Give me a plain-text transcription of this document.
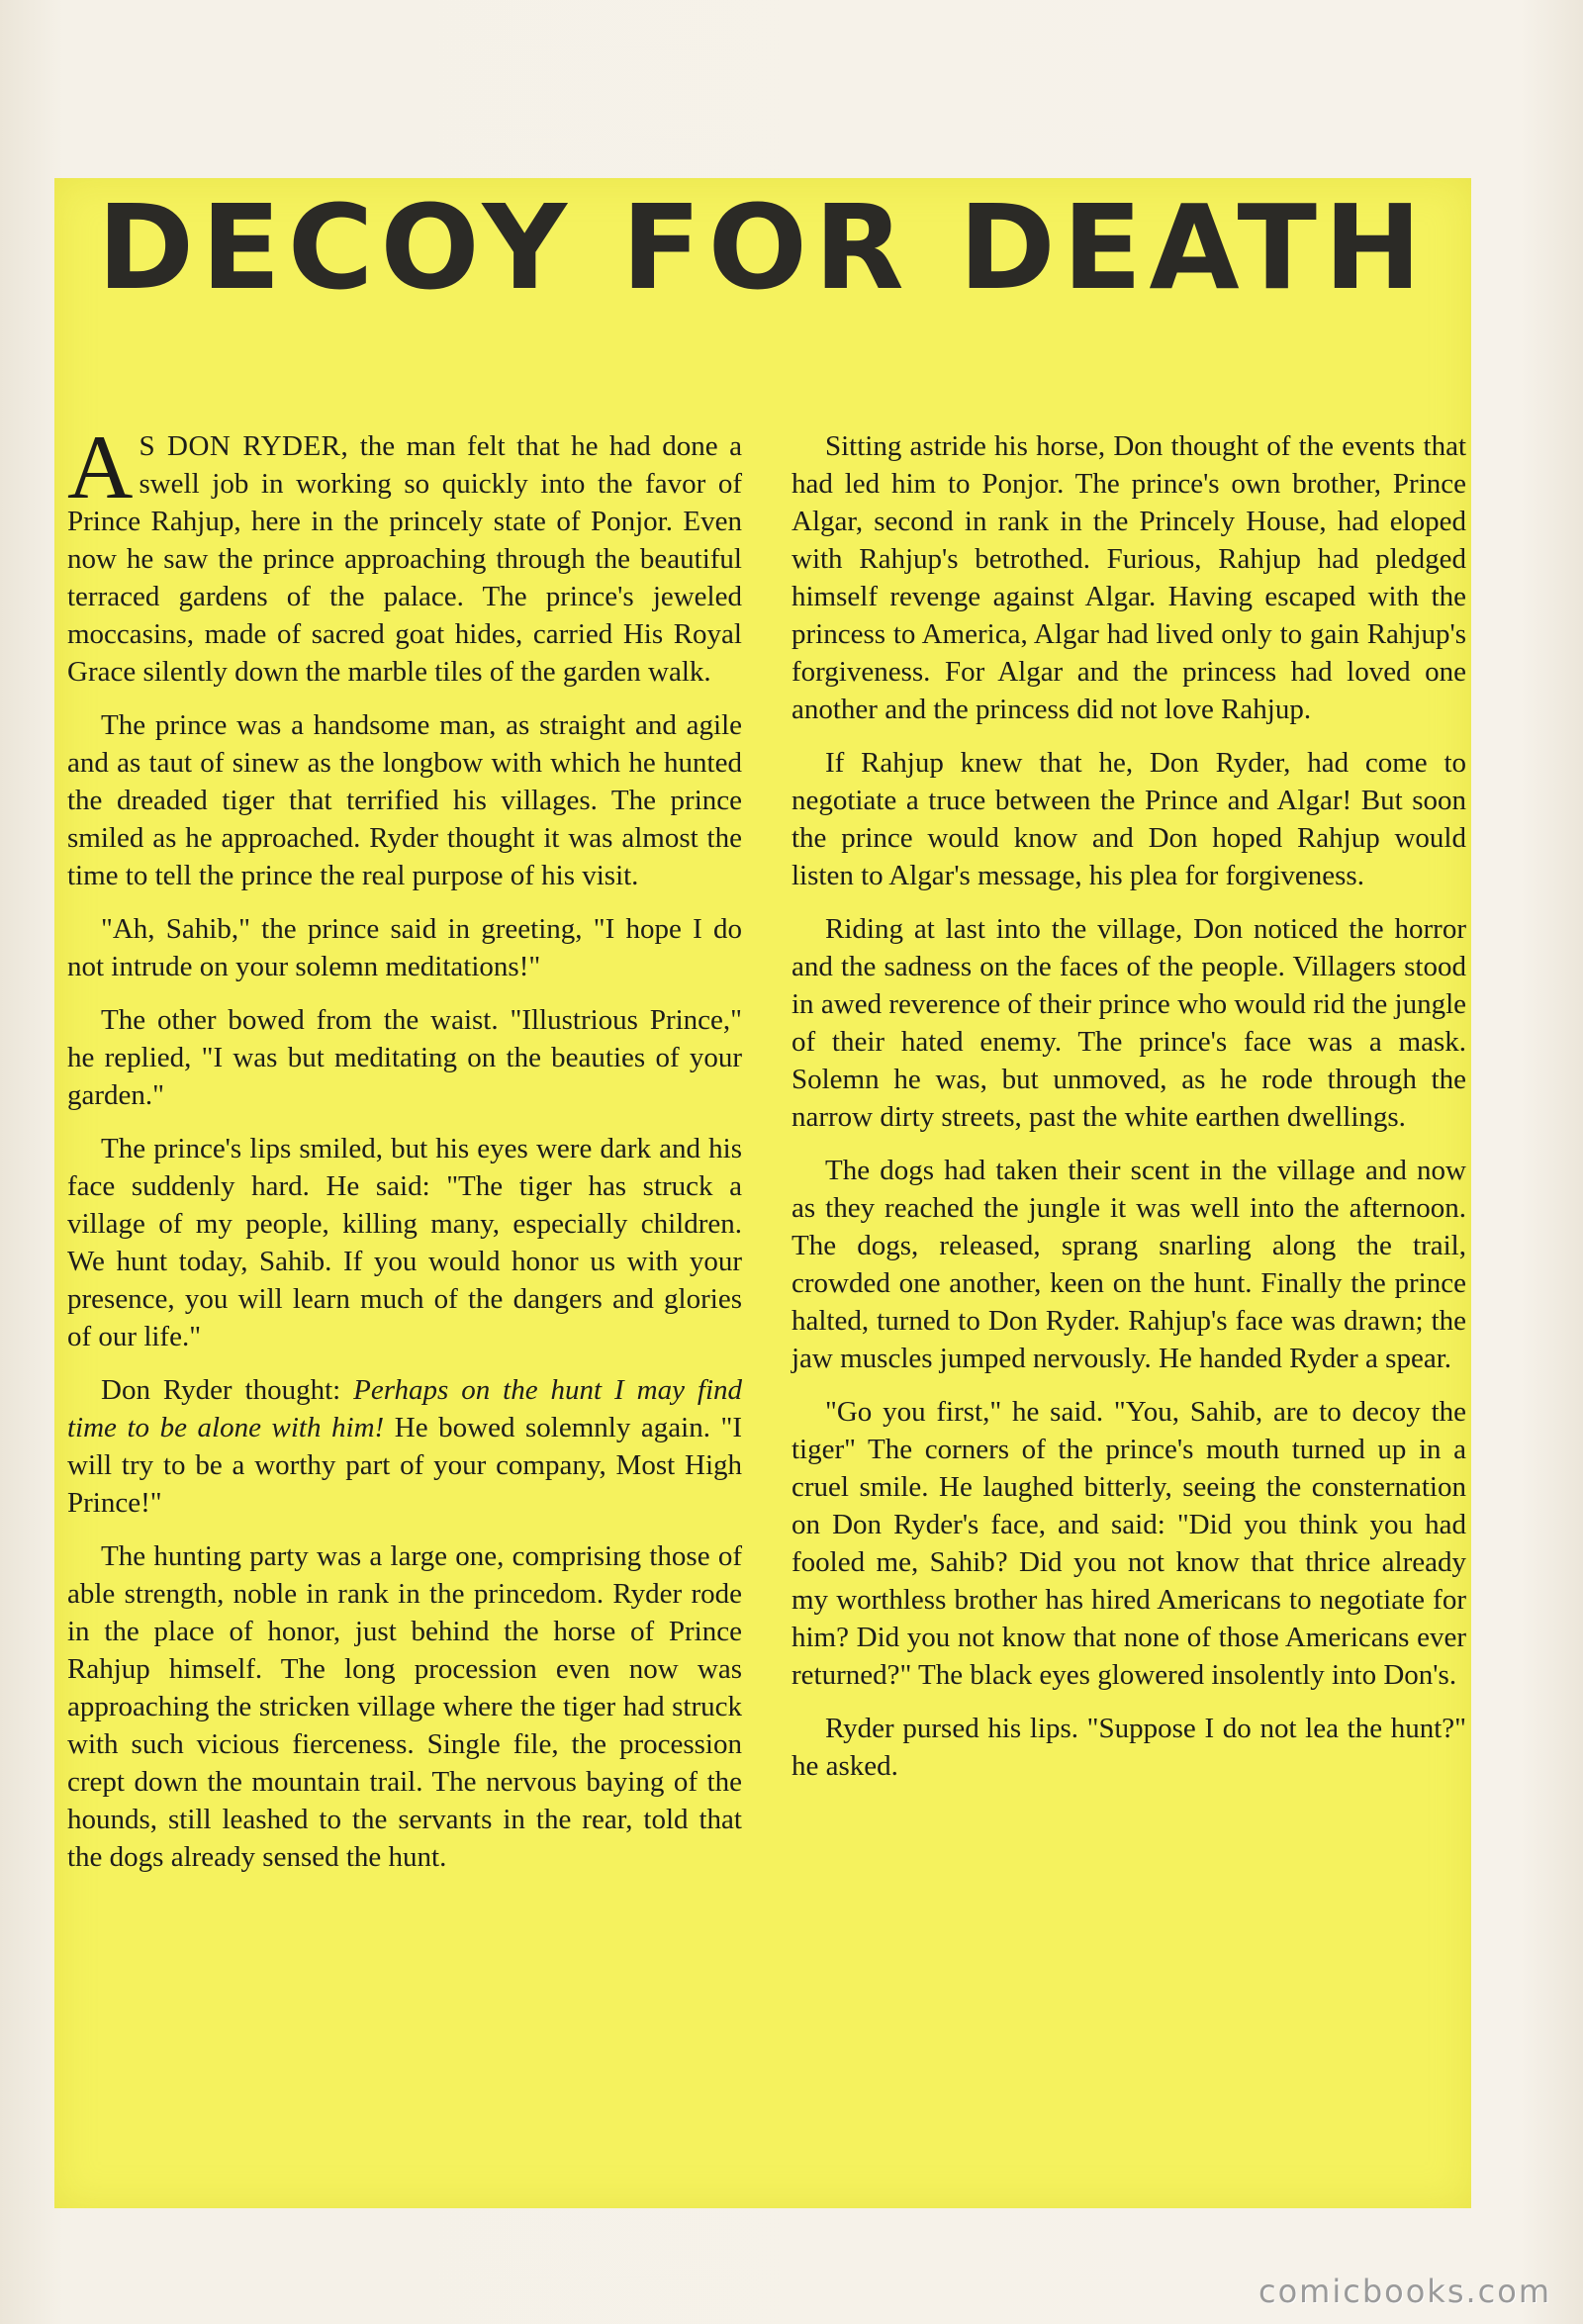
DECOY FOR DEATH

A S DON RYDER, the man felt that he had done a swell job in working so quickly into the favor of Prince Rahjup, here in the princely state of Ponjor. Even now he saw the prince approaching through the beautiful terraced gardens of the palace. The prince's jeweled moccasins, made of sacred goat hides, carried His Royal Grace silently down the marble tiles of the garden walk.

The prince was a handsome man, as straight and agile and as taut of sinew as the longbow with which he hunted the dreaded tiger that terrified his villages. The prince smiled as he approached. Ryder thought it was almost the time to tell the prince the real purpose of his visit.

"Ah, Sahib," the prince said in greeting, "I hope I do not intrude on your solemn meditations!"

The other bowed from the waist. "Illustrious Prince," he replied, "I was but meditating on the beauties of your garden."

The prince's lips smiled, but his eyes were dark and his face suddenly hard. He said: "The tiger has struck a village of my people, killing many, especially children. We hunt today, Sahib. If you would honor us with your presence, you will learn much of the dangers and glories of our life."

Don Ryder thought: Perhaps on the hunt I may find time to be alone with him! He bowed solemnly again. "I will try to be a worthy part of your company, Most High Prince!"

The hunting party was a large one, comprising those of able strength, noble in rank in the princedom. Ryder rode in the place of honor, just behind the horse of Prince Rahjup himself. The long procession even now was approaching the stricken village where the tiger had struck with such vicious fierceness. Single file, the procession crept down the mountain trail. The nervous baying of the hounds, still leashed to the servants in the rear, told that the dogs already sensed the hunt.

Sitting astride his horse, Don thought of the events that had led him to Ponjor. The prince's own brother, Prince Algar, second in rank in the Princely House, had eloped with Rahjup's betrothed. Furious, Rahjup had pledged himself revenge against Algar. Having escaped with the princess to America, Algar had lived only to gain Rahjup's forgiveness. For Algar and the princess had loved one another and the princess did not love Rahjup.

If Rahjup knew that he, Don Ryder, had come to negotiate a truce between the Prince and Algar! But soon the prince would know and Don hoped Rahjup would listen to Algar's message, his plea for forgiveness.

Riding at last into the village, Don noticed the horror and the sadness on the faces of the people. Villagers stood in awed reverence of their prince who would rid the jungle of their hated enemy. The prince's face was a mask. Solemn he was, but unmoved, as he rode through the narrow dirty streets, past the white earthen dwellings.

The dogs had taken their scent in the village and now as they reached the jungle it was well into the afternoon. The dogs, released, sprang snarling along the trail, crowded one another, keen on the hunt. Finally the prince halted, turned to Don Ryder. Rahjup's face was drawn; the jaw muscles jumped nervously. He handed Ryder a spear.

"Go you first," he said. "You, Sahib, are to decoy the tiger" The corners of the prince's mouth turned up in a cruel smile. He laughed bitterly, seeing the consternation on Don Ryder's face, and said: "Did you think you had fooled me, Sahib? Did you not know that thrice already my worthless brother has hired Americans to negotiate for him? Did you not know that none of those Americans ever returned?" The black eyes glowered insolently into Don's.

Ryder pursed his lips. "Suppose I do not lea the hunt?" he asked.

comicbooks.com
